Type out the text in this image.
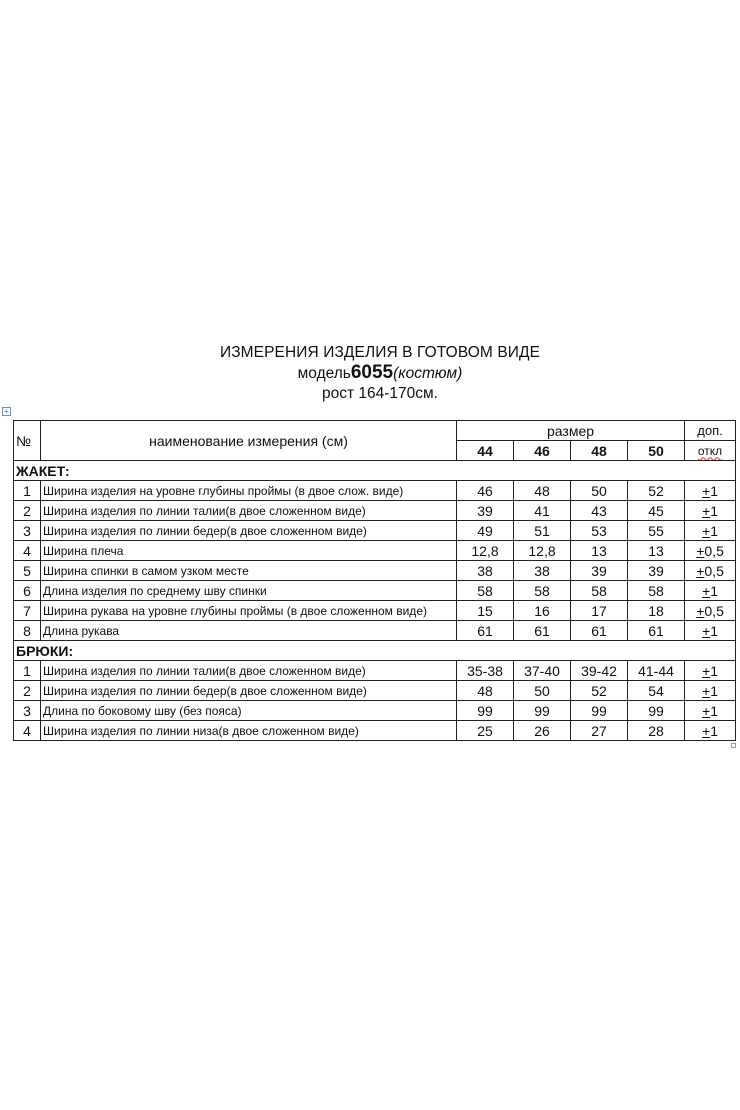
ИЗМЕРЕНИЯ ИЗДЕЛИЯ В ГОТОВОМ ВИДЕ
модель6055(костюм)
рост 164-170см.
+
№	наименование измерения (см)	размер				доп.
		44	46	48	50	откл
ЖАКЕТ:						
1	Ширина изделия на уровне глубины проймы (в двое слож. виде)	46	48	50	52	+1
2	Ширина изделия по линии талии(в двое сложенном виде)	39	41	43	45	+1
3	Ширина изделия по линии бедер(в двое сложенном виде)	49	51	53	55	+1
4	Ширина плеча	12,8	12,8	13	13	+0,5
5	Ширина спинки в самом узком месте	38	38	39	39	+0,5
6	Длина изделия по среднему шву спинки	58	58	58	58	+1
7	Ширина рукава на уровне глубины проймы (в двое сложенном виде)	15	16	17	18	+0,5
8	Длина рукава	61	61	61	61	+1
БРЮКИ:						
1	Ширина изделия по линии талии(в двое сложенном виде)	35-38	37-40	39-42	41-44	+1
2	Ширина изделия по линии бедер(в двое сложенном виде)	48	50	52	54	+1
3	Длина по боковому шву (без пояса)	99	99	99	99	+1
4	Ширина изделия по линии низа(в двое сложенном виде)	25	26	27	28	+1
